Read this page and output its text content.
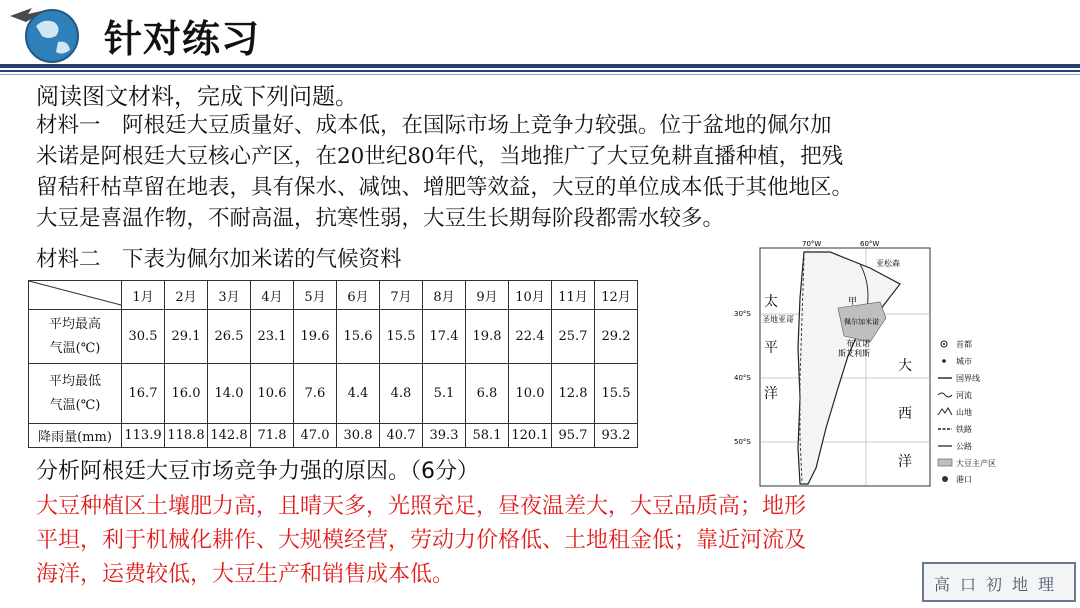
针对练习
阅读图文材料，完成下列问题。
材料一　阿根廷大豆质量好、成本低，在国际市场上竞争力较强。位于盆地的佩尔加
米诺是阿根廷大豆核心产区，在20世纪80年代，当地推广了大豆免耕直播种植，把残
留秸秆枯草留在地表，具有保水、减蚀、增肥等效益，大豆的单位成本低于其他地区。
大豆是喜温作物，不耐高温，抗寒性弱，大豆生长期每阶段都需水较多。
材料二　下表为佩尔加米诺的气候资料
	1月	2月	3月	4月	5月	6月	7月	8月	9月	10月	11月	12月

平均最高
气温(℃)	30.5	29.1	26.5	23.1	19.6	15.6	15.5	17.4	19.8	22.4	25.7	29.2

平均最低
气温(℃)	16.7	16.0	14.0	10.6	7.6	4.4	4.8	5.1	6.8	10.0	12.8	15.5
降雨量(mm)	113.9	118.8	142.8	71.8	47.0	30.8	40.7	39.3	58.1	120.1	95.7	93.2
分析阿根廷大豆市场竞争力强的原因。（6分）
大豆种植区土壤肥力高，且晴天多，光照充足，昼夜温差大，大豆品质高；地形
平坦，利于机械化耕作、大规模经营，劳动力价格低、土地租金低；靠近河流及
海洋，运费较低，大豆生产和销售成本低。
70°W	60°W
30°S
40°S
50°S
亚松森
圣地亚哥	佩尔加米诺
布宜诺
斯艾利斯
甲
太
平
洋
大
西
洋
首都
城市
国界线
河流
山地
铁路
公路
大豆主产区
港口
高口初地理
